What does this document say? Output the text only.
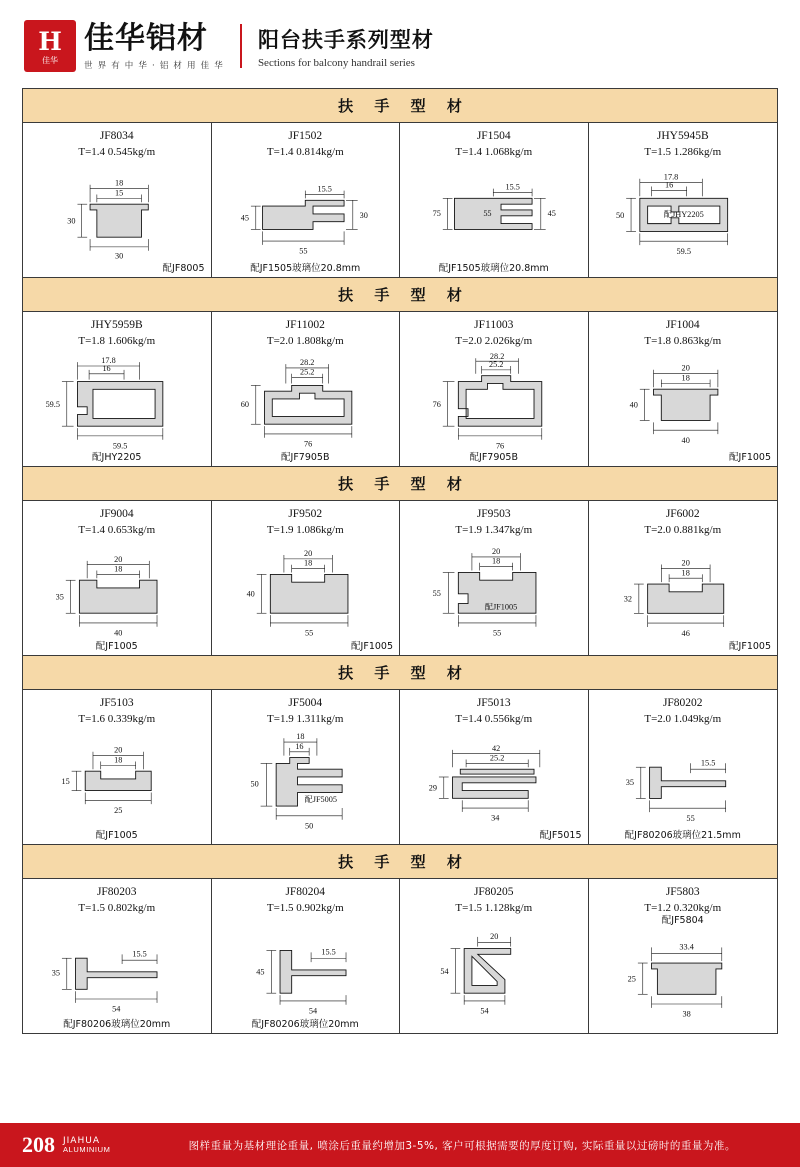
H
佳华
佳华铝材
世 界 有 中 华 · 铝 材 用 佳 华
阳台扶手系列型材
Sections for balcony handrail series
扶 手 型 材
JF8034
T=1.4 0.545kg/m
15
18
30
30
配JF8005
JF1502
T=1.4 0.814kg/m
15.5
45	30
55
配JF1505玻璃位20.8mm
JF1504
T=1.4 1.068kg/m
15.5
75	55	45
配JF1505玻璃位20.8mm
JHY5945B
T=1.5 1.286kg/m
16
17.8
50
59.5
配JHY2205
扶 手 型 材
JHY5959B
T=1.8 1.606kg/m
16
17.8
59.5
59.5
配JHY2205
JF11002
T=2.0 1.808kg/m
25.2
28.2
60
76
配JF7905B
JF11003
T=2.0 2.026kg/m
25.2
28.2
76
76
配JF7905B
JF1004
T=1.8 0.863kg/m
18
20
40
40
配JF1005
扶 手 型 材
JF9004
T=1.4 0.653kg/m
18
20
35
40
配JF1005
JF9502
T=1.9 1.086kg/m
18
20
40
55
配JF1005
JF9503
T=1.9 1.347kg/m
18
20
55
55
配JF1005
JF6002
T=2.0 0.881kg/m
18
20
32
46
配JF1005
扶 手 型 材
JF5103
T=1.6 0.339kg/m
18
20
15
25
配JF1005
JF5004
T=1.9 1.311kg/m
16
18
50
50
配JF5005
JF5013
T=1.4 0.556kg/m
25.2
42
29
34
配JF5015
JF80202
T=2.0 1.049kg/m
15.5
35
55
配JF80206玻璃位21.5mm
扶 手 型 材
JF80203
T=1.5 0.802kg/m
15.5
35
54
配JF80206玻璃位20mm
JF80204
T=1.5 0.902kg/m
15.5
45
54
配JF80206玻璃位20mm
JF80205
T=1.5 1.128kg/m
20
54
54
JF5803
T=1.2 0.320kg/m
配JF5804
33.4
25
38
208 JIAHUA
ALUMINIUM	图样重量为基材理论重量, 喷涂后重量约增加3-5%, 客户可根据需要的厚度订购, 实际重量以过磅时的重量为准。
